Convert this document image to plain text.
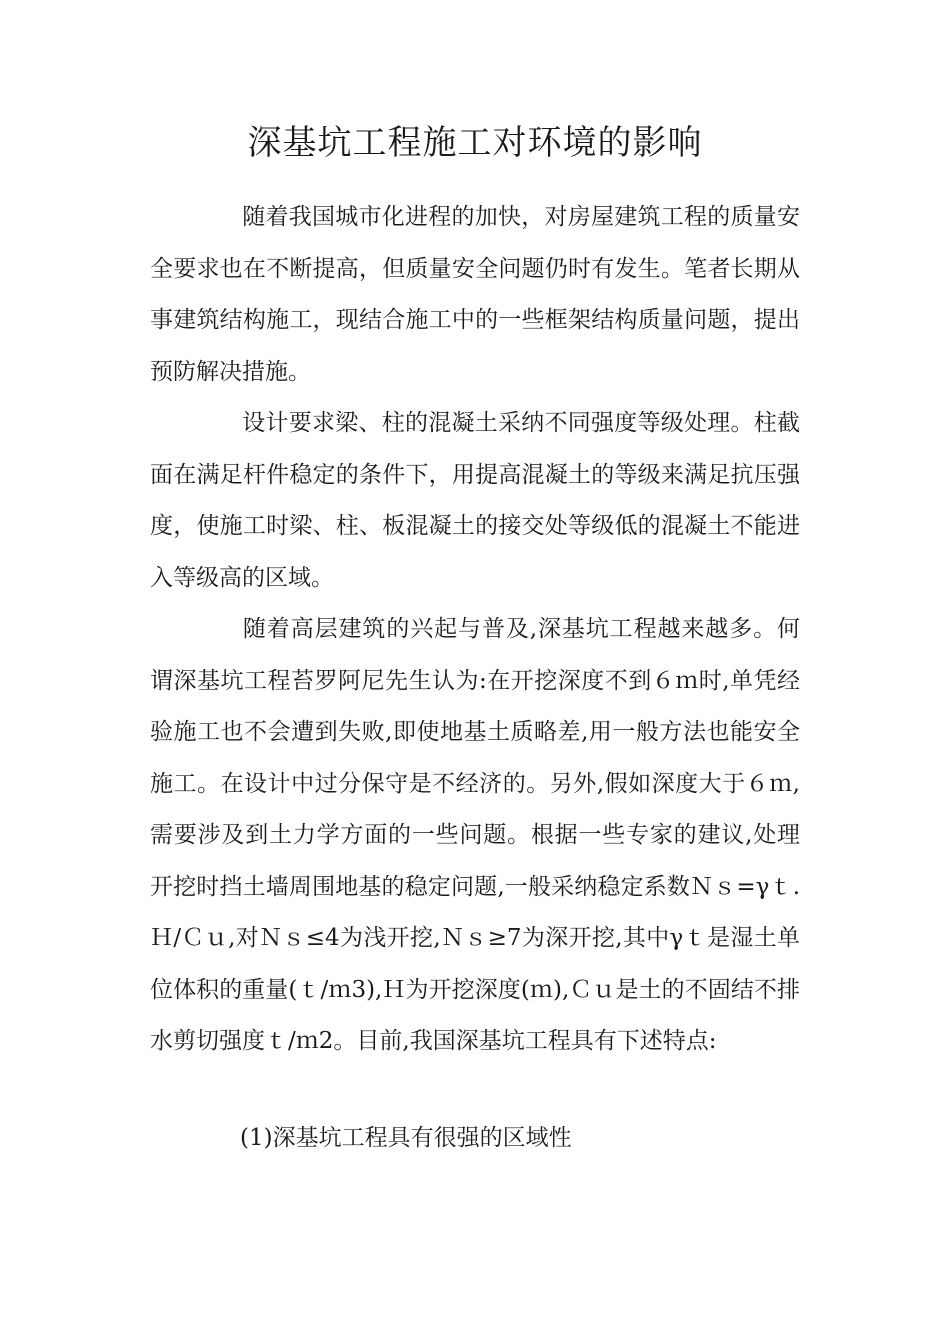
深基坑工程施工对环境的影响

随着我国城市化进程的加快，对房屋建筑工程的质量安全要求也在不断提高，但质量安全问题仍时有发生。笔者长期从事建筑结构施工，现结合施工中的一些框架结构质量问题，提出预防解决措施。

设计要求梁、柱的混凝土采纳不同强度等级处理。柱截面在满足杆件稳定的条件下，用提高混凝土的等级来满足抗压强度，使施工时梁、柱、板混凝土的接交处等级低的混凝土不能进入等级高的区域。

随着高层建筑的兴起与普及,深基坑工程越来越多。何谓深基坑工程苔罗阿尼先生认为:在开挖深度不到６ｍ时,单凭经验施工也不会遭到失败,即使地基土质略差,用一般方法也能安全施工。在设计中过分保守是不经济的。另外,假如深度大于６ｍ,需要涉及到土力学方面的一些问题。根据一些专家的建议,处理开挖时挡土墙周围地基的稳定问题,一般采纳稳定系数Ｎｓ=γｔ.Ｈ/Ｃｕ,对Ｎｓ≤4为浅开挖,Ｎｓ≥7为深开挖,其中γｔ是湿土单位体积的重量(ｔ/ｍ3),Ｈ为开挖深度(ｍ),Ｃｕ是土的不固结不排水剪切强度ｔ/ｍ2。目前,我国深基坑工程具有下述特点:

(1)深基坑工程具有很强的区域性
